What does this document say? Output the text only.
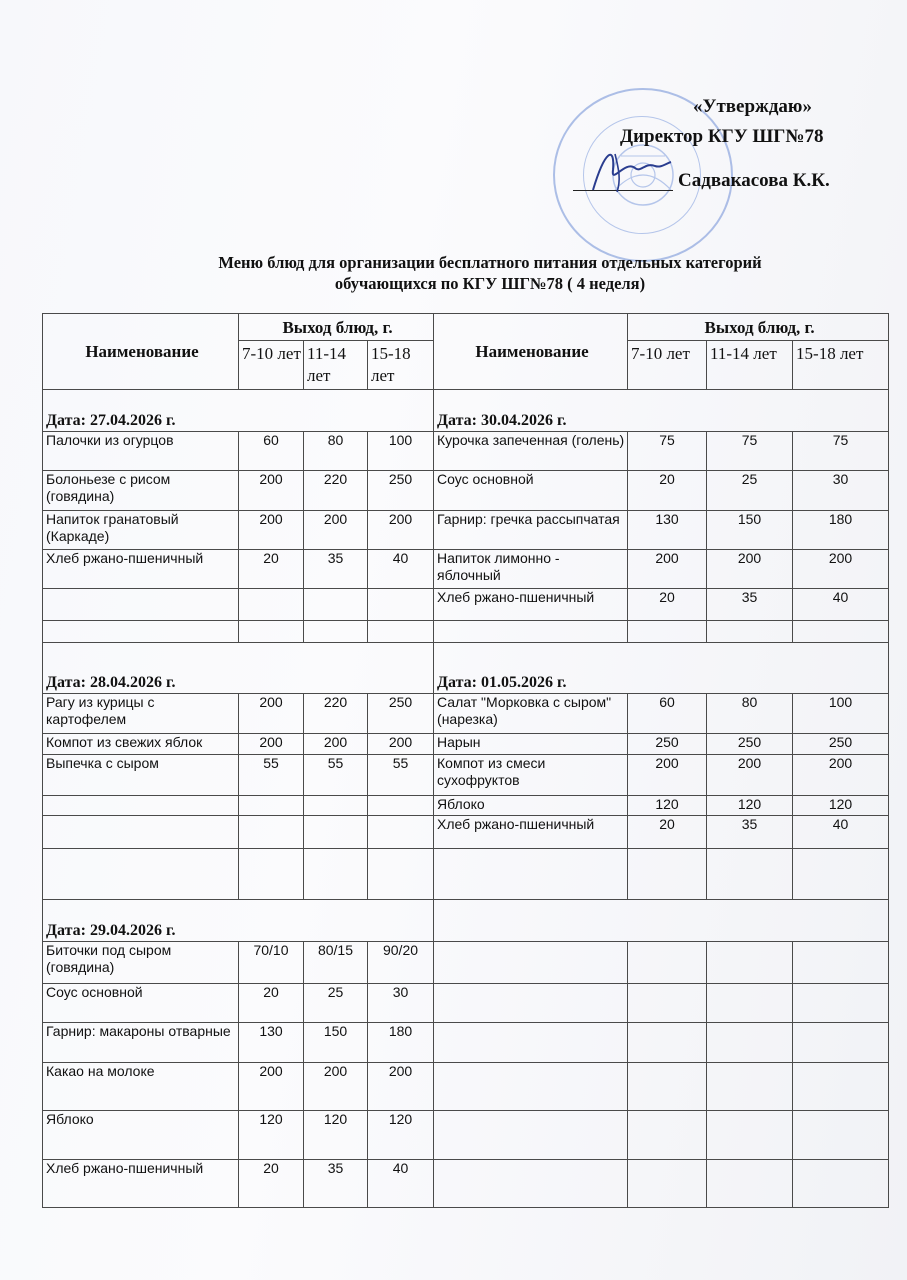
«Утверждаю»
Директор КГУ ШГ№78
Садвакасова К.К.
Меню блюд для организации бесплатного питания отдельных категорий
обучающихся по КГУ ШГ№78 ( 4 неделя)
Наименование	Выход блюд, г.			Наименование	Выход блюд, г.		
	7-10 лет	11-14 лет	15-18 лет		7-10 лет	11-14 лет	15-18 лет
Дата: 27.04.2026 г.				Дата: 30.04.2026 г.			
Палочки из огурцов	60	80	100	Курочка запеченная (голень)	75	75	75
Болоньезе с рисом (говядина)	200	220	250	Соус основной	20	25	30
Напиток гранатовый (Каркаде)	200	200	200	Гарнир: гречка рассыпчатая	130	150	180
Хлеб ржано-пшеничный	20	35	40	Напиток лимонно - яблочный	200	200	200
				Хлеб ржано-пшеничный	20	35	40

Дата: 28.04.2026 г.				Дата: 01.05.2026 г.			
Рагу из курицы с картофелем	200	220	250	Салат "Морковка с сыром" (нарезка)	60	80	100
Компот из свежих яблок	200	200	200	Нарын	250	250	250
Выпечка с сыром	55	55	55	Компот из смеси сухофруктов	200	200	200
				Яблоко	120	120	120
				Хлеб ржано-пшеничный	20	35	40

Дата: 29.04.2026 г.							
Биточки под сыром (говядина)	70/10	80/15	90/20				
Соус основной	20	25	30				
Гарнир: макароны отварные	130	150	180				
Какао на молоке	200	200	200				
Яблоко	120	120	120				
Хлеб ржано-пшеничный	20	35	40				
